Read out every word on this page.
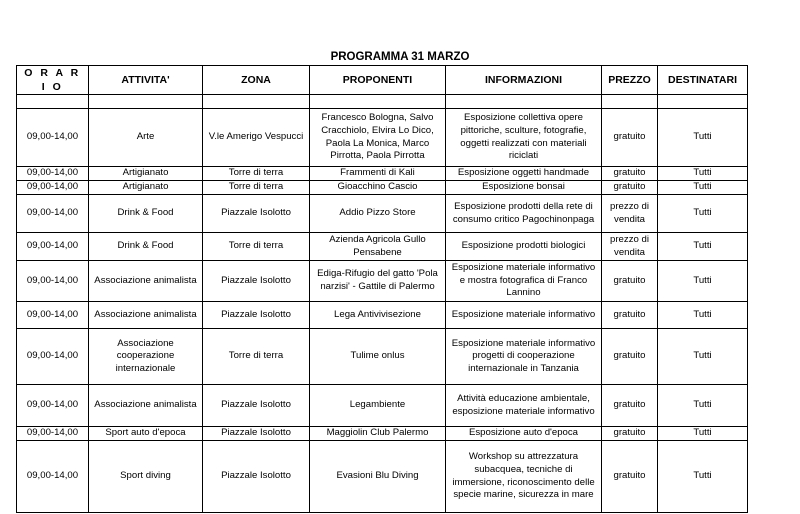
PROGRAMMA 31 MARZO
O R A R I O	ATTIVITA'	ZONA	PROPONENTI	INFORMAZIONI	PREZZO	DESTINATARI

09,00-14,00	Arte	V.le Amerigo Vespucci	Francesco Bologna, Salvo Cracchiolo, Elvira Lo Dico, Paola La Monica, Marco Pirrotta, Paola Pirrotta	Esposizione collettiva opere pittoriche, sculture, fotografie, oggetti realizzati con materiali riciclati	gratuito	Tutti
09,00-14,00	Artigianato	Torre di terra	Frammenti di Kali	Esposizione oggetti handmade	gratuito	Tutti
09,00-14,00	Artigianato	Torre di terra	Gioacchino Cascio	Esposizione bonsai	gratuito	Tutti
09,00-14,00	Drink & Food	Piazzale Isolotto	Addio Pizzo Store	Esposizione prodotti della rete di consumo critico Pagochinonpaga	prezzo di vendita	Tutti
09,00-14,00	Drink & Food	Torre di terra	Azienda Agricola Gullo Pensabene	Esposizione prodotti biologici	prezzo di vendita	Tutti
09,00-14,00	Associazione animalista	Piazzale Isolotto	Ediga-Rifugio del gatto 'Pola narzisi' - Gattile di Palermo	Esposizione materiale informativo e mostra fotografica di Franco Lannino	gratuito	Tutti
09,00-14,00	Associazione animalista	Piazzale Isolotto	Lega Antivivisezione	Esposizione materiale informativo	gratuito	Tutti
09,00-14,00	Associazione cooperazione internazionale	Torre di terra	Tulime onlus	Esposizione materiale informativo progetti di cooperazione internazionale in Tanzania	gratuito	Tutti
09,00-14,00	Associazione animalista	Piazzale Isolotto	Legambiente	Attività educazione ambientale, esposizione materiale informativo	gratuito	Tutti
09,00-14,00	Sport auto d'epoca	Piazzale Isolotto	Maggiolin Club Palermo	Esposizione auto d'epoca	gratuito	Tutti
09,00-14,00	Sport diving	Piazzale Isolotto	Evasioni Blu Diving	Workshop su attrezzatura subacquea, tecniche di immersione, riconoscimento delle specie marine, sicurezza in mare	gratuito	Tutti
